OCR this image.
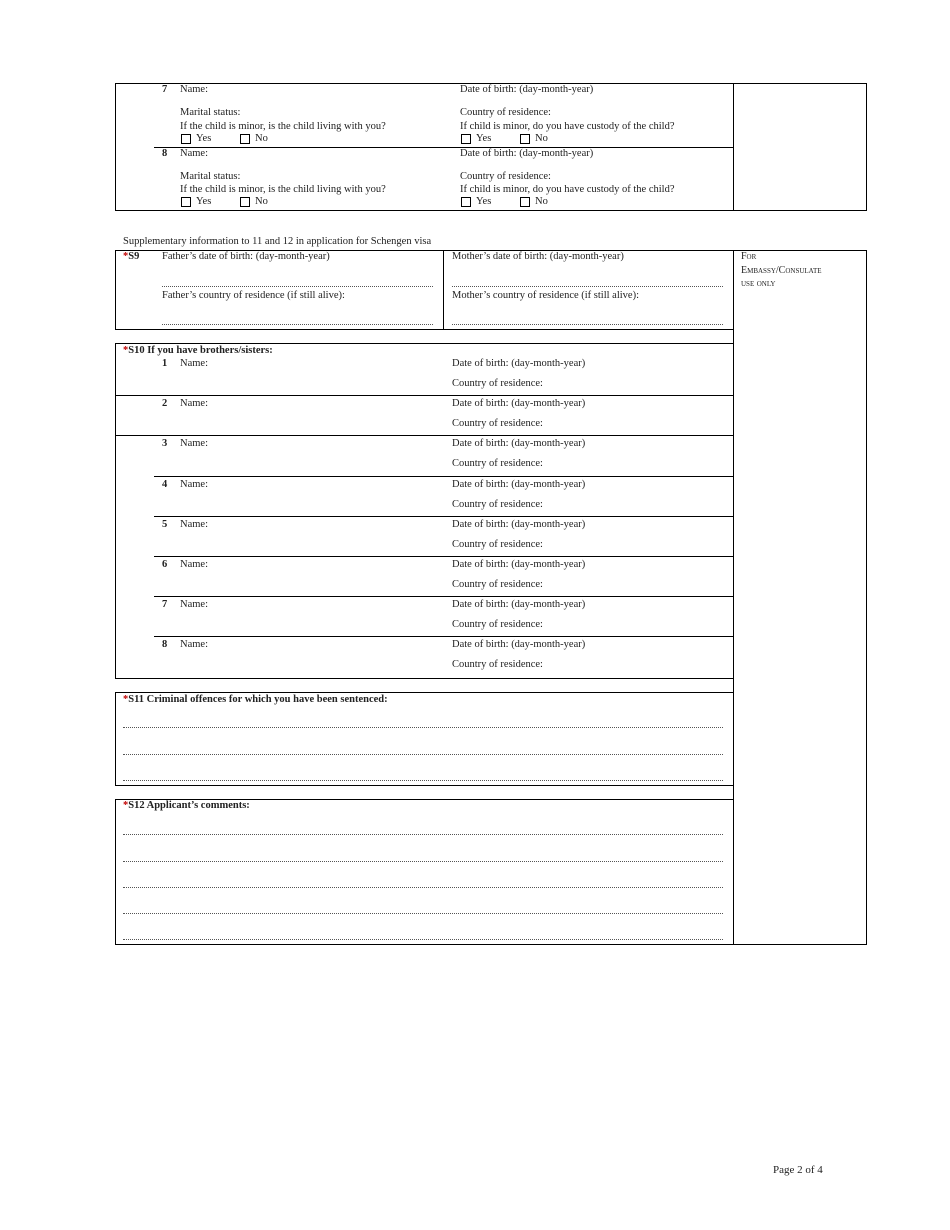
7 Name:	Date of birth: (day-month-year)
Marital status:	Country of residence:
If the child is minor, is the child living with you?	If child is minor, do you have custody of the child?
Yes	No	Yes	No
8 Name:	Date of birth: (day-month-year)
Marital status:	Country of residence:
If the child is minor, is the child living with you?	If child is minor, do you have custody of the child?
Yes	No	Yes	No
Supplementary information to 11 and 12 in application for Schengen visa
For
Embassy/Consulate
use only
*S9 Father’s date of birth: (day-month-year)	Mother’s date of birth: (day-month-year)
Father’s country of residence (if still alive):	Mother’s country of residence (if still alive):
*S10 If you have brothers/sisters:
1 Name:	Date of birth: (day-month-year)
Country of residence:
2 Name:	Date of birth: (day-month-year)
Country of residence:
3 Name:	Date of birth: (day-month-year)
Country of residence:
4 Name:	Date of birth: (day-month-year)
Country of residence:
5 Name:	Date of birth: (day-month-year)
Country of residence:
6 Name:	Date of birth: (day-month-year)
Country of residence:
7 Name:	Date of birth: (day-month-year)
Country of residence:
8 Name:	Date of birth: (day-month-year)
Country of residence:
*S11 Criminal offences for which you have been sentenced:
*S12 Applicant’s comments:
Page 2 of 4
